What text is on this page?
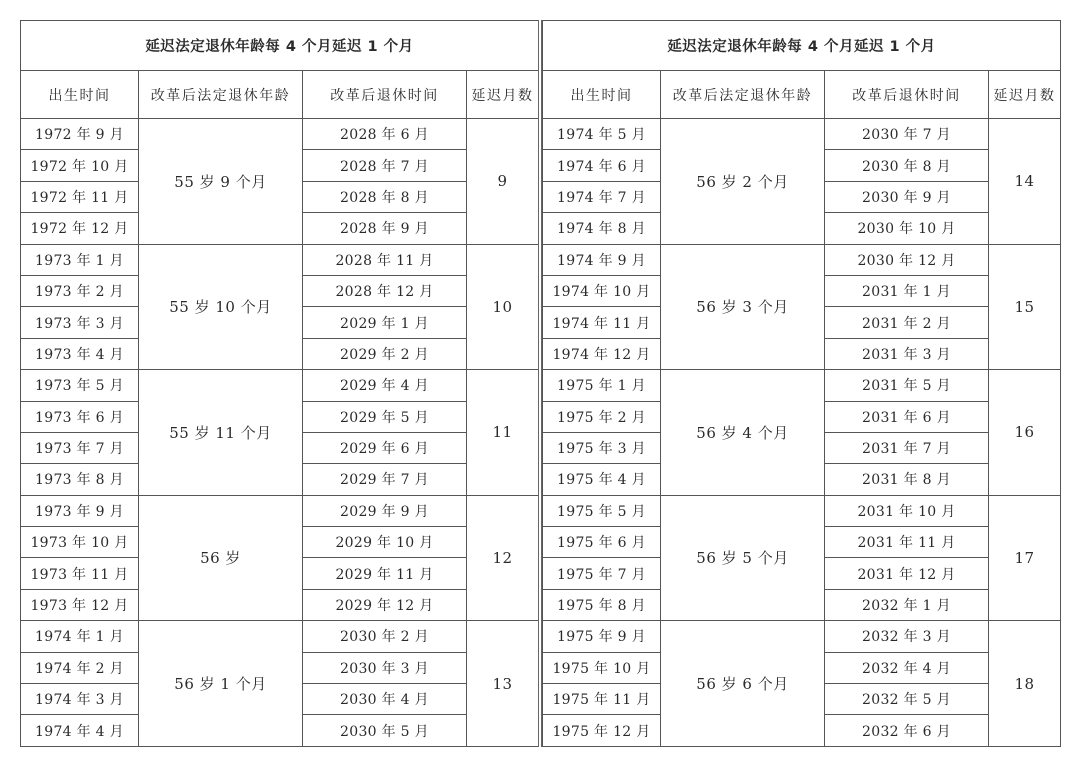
延迟法定退休年龄每 4 个月延迟 1 个月			
出生时间	改革后法定退休年龄	改革后退休时间	延迟月数
1972 年 9 月	55 岁 9 个月	2028 年 6 月	9
1972 年 10 月		2028 年 7 月	
1972 年 11 月		2028 年 8 月	
1972 年 12 月		2028 年 9 月	
1973 年 1 月	55 岁 10 个月	2028 年 11 月	10
1973 年 2 月		2028 年 12 月	
1973 年 3 月		2029 年 1 月	
1973 年 4 月		2029 年 2 月	
1973 年 5 月	55 岁 11 个月	2029 年 4 月	11
1973 年 6 月		2029 年 5 月	
1973 年 7 月		2029 年 6 月	
1973 年 8 月		2029 年 7 月	
1973 年 9 月	56 岁	2029 年 9 月	12
1973 年 10 月		2029 年 10 月	
1973 年 11 月		2029 年 11 月	
1973 年 12 月		2029 年 12 月	
1974 年 1 月	56 岁 1 个月	2030 年 2 月	13
1974 年 2 月		2030 年 3 月	
1974 年 3 月		2030 年 4 月	
1974 年 4 月		2030 年 5 月	
延迟法定退休年龄每 4 个月延迟 1 个月			
出生时间	改革后法定退休年龄	改革后退休时间	延迟月数
1974 年 5 月	56 岁 2 个月	2030 年 7 月	14
1974 年 6 月		2030 年 8 月	
1974 年 7 月		2030 年 9 月	
1974 年 8 月		2030 年 10 月	
1974 年 9 月	56 岁 3 个月	2030 年 12 月	15
1974 年 10 月		2031 年 1 月	
1974 年 11 月		2031 年 2 月	
1974 年 12 月		2031 年 3 月	
1975 年 1 月	56 岁 4 个月	2031 年 5 月	16
1975 年 2 月		2031 年 6 月	
1975 年 3 月		2031 年 7 月	
1975 年 4 月		2031 年 8 月	
1975 年 5 月	56 岁 5 个月	2031 年 10 月	17
1975 年 6 月		2031 年 11 月	
1975 年 7 月		2031 年 12 月	
1975 年 8 月		2032 年 1 月	
1975 年 9 月	56 岁 6 个月	2032 年 3 月	18
1975 年 10 月		2032 年 4 月	
1975 年 11 月		2032 年 5 月	
1975 年 12 月		2032 年 6 月	
